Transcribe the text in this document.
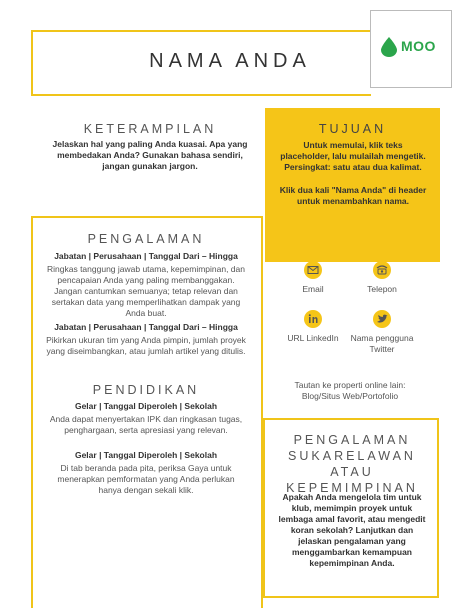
NAMA ANDA
MOO
KETERAMPILAN
Jelaskan hal yang paling Anda kuasai. Apa yang membedakan Anda? Gunakan bahasa sendiri, jangan gunakan jargon.
TUJUAN
Untuk memulai, klik teks placeholder, lalu mulailah mengetik. Persingkat: satu atau dua kalimat.
Klik dua kali "Nama Anda" di header untuk menambahkan nama.
Email	Telepon
URL LinkedIn	Nama pengguna Twitter
Tautan ke properti online lain: Blog/Situs Web/Portofolio
PENGALAMAN
Jabatan | Perusahaan | Tanggal Dari – Hingga
Ringkas tanggung jawab utama, kepemimpinan, dan pencapaian Anda yang paling membanggakan. Jangan cantumkan semuanya; tetap relevan dan sertakan data yang memperlihatkan dampak yang Anda buat.
Jabatan | Perusahaan | Tanggal Dari – Hingga
Pikirkan ukuran tim yang Anda pimpin, jumlah proyek yang diseimbangkan, atau jumlah artikel yang ditulis.
PENDIDIKAN
Gelar | Tanggal Diperoleh | Sekolah
Anda dapat menyertakan IPK dan ringkasan tugas, penghargaan, serta apresiasi yang relevan.
Gelar | Tanggal Diperoleh | Sekolah
Di tab beranda pada pita, periksa Gaya untuk menerapkan pemformatan yang Anda perlukan hanya dengan sekali klik.
PENGALAMAN SUKARELAWAN ATAU KEPEMIMPINAN
Apakah Anda mengelola tim untuk klub, memimpin proyek untuk lembaga amal favorit, atau mengedit koran sekolah? Lanjutkan dan jelaskan pengalaman yang menggambarkan kemampuan kepemimpinan Anda.
